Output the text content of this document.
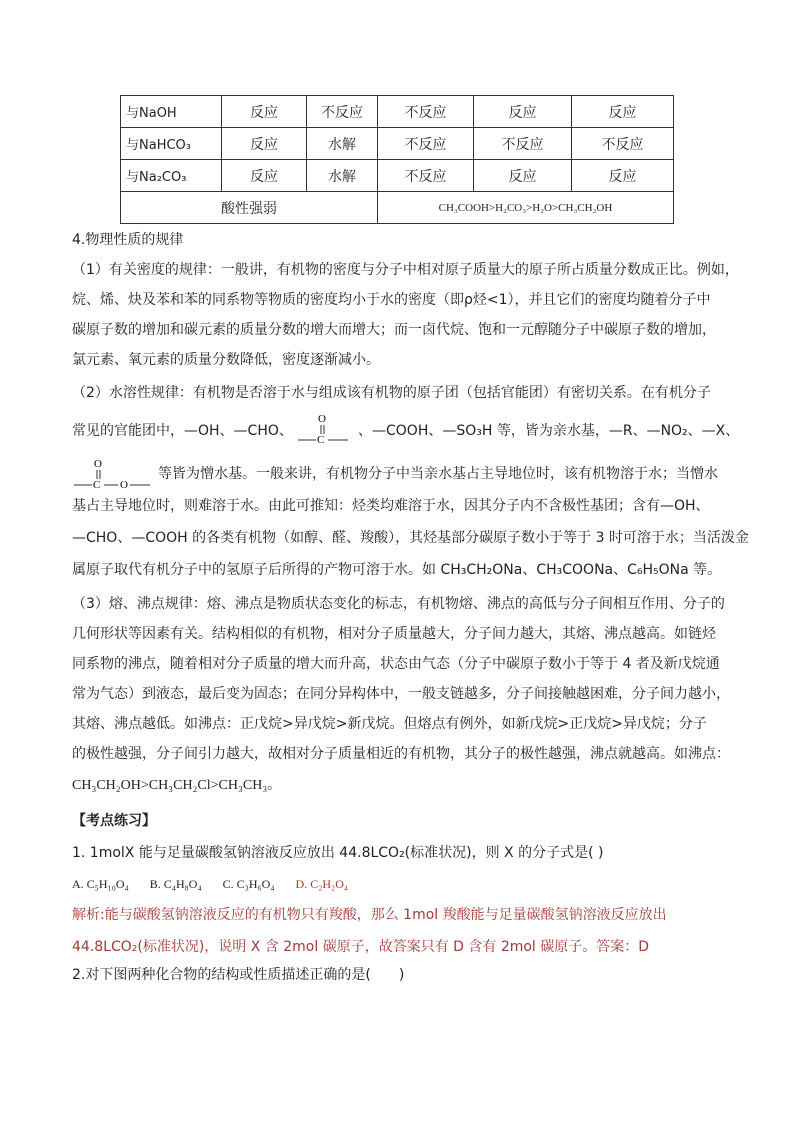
与NaOH	反应	不反应	不反应	反应	反应
与NaHCO₃	反应	水解	不反应	不反应	不反应
与Na₂CO₃	反应	水解	不反应	反应	反应
酸性强弱			CH₃COOH>H₂CO₃>H₂O>CH₃CH₂OH		
4.物理性质的规律
（1）有关密度的规律：一般讲，有机物的密度与分子中相对原子质量大的原子所占质量分数成正比。例如，
烷、烯、炔及苯和苯的同系物等物质的密度均小于水的密度（即ρ烃<1），并且它们的密度均随着分子中
碳原子数的增加和碳元素的质量分数的增大而增大；而一卤代烷、饱和一元醇随分子中碳原子数的增加，
氯元素、氧元素的质量分数降低，密度逐渐减小。
（2）水溶性规律：有机物是否溶于水与组成该有机物的原子团（包括官能团）有密切关系。在有机分子
常见的官能团中，—OH、—CHO、
O
C
、—COOH、—SO₃H 等，皆为亲水基，—R、—NO₂、—X、
O
C O
等皆为憎水基。一般来讲，有机物分子中当亲水基占主导地位时，该有机物溶于水；当憎水
基占主导地位时，则难溶于水。由此可推知：烃类均难溶于水，因其分子内不含极性基团；含有—OH、
—CHO、—COOH 的各类有机物（如醇、醛、羧酸），其烃基部分碳原子数小于等于 3 时可溶于水；当活泼金
属原子取代有机分子中的氢原子后所得的产物可溶于水。如 CH₃CH₂ONa、CH₃COONa、C₆H₅ONa 等。
（3）熔、沸点规律：熔、沸点是物质状态变化的标志，有机物熔、沸点的高低与分子间相互作用、分子的
几何形状等因素有关。结构相似的有机物，相对分子质量越大，分子间力越大，其熔、沸点越高。如链烃
同系物的沸点，随着相对分子质量的增大而升高，状态由气态（分子中碳原子数小于等于 4 者及新戊烷通
常为气态）到液态，最后变为固态；在同分异构体中，一般支链越多，分子间接触越困难，分子间力越小，
其熔、沸点越低。如沸点：正戊烷>异戊烷>新戊烷。但熔点有例外，如新戊烷>正戊烷>异戊烷；分子
的极性越强，分子间引力越大，故相对分子质量相近的有机物，其分子的极性越强，沸点就越高。如沸点：
CH₃CH₂OH>CH₃CH₂Cl>CH₃CH₃。
【考点练习】
1. 1molX 能与足量碳酸氢钠溶液反应放出 44.8LCO₂(标准状况)，则 X 的分子式是( )
A. C₅H₁₀O₄ B. C₄H₈O₄ C. C₃H₆O₄ D. C₂H₂O₄
解析:能与碳酸氢钠溶液反应的有机物只有羧酸，那么 1mol 羧酸能与足量碳酸氢钠溶液反应放出
44.8LCO₂(标准状况)，说明 X 含 2mol 碳原子，故答案只有 D 含有 2mol 碳原子。答案：D
2.对下图两种化合物的结构或性质描述正确的是(　　)
